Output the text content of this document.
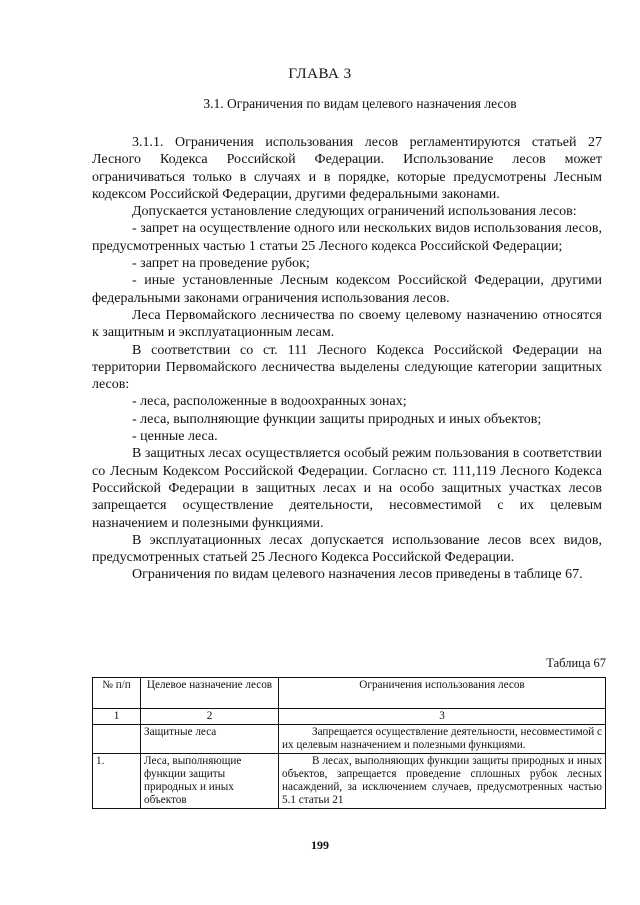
ГЛАВА 3
3.1. Ограничения по видам целевого назначения лесов

3.1.1. Ограничения использования лесов регламентируются статьей 27 Лесного Кодекса Российской Федерации. Использование лесов может ограничиваться только в случаях и в порядке, которые предусмотрены Лесным кодексом Российской Федерации, другими федеральными законами.

Допускается установление следующих ограничений использования лесов:

- запрет на осуществление одного или нескольких видов использования лесов, предусмотренных частью 1 статьи 25 Лесного кодекса Российской Федерации;

- запрет на проведение рубок;

- иные установленные Лесным кодексом Российской Федерации, другими федеральными законами ограничения использования лесов.

Леса Первомайского лесничества по своему целевому назначению относятся к защитным и эксплуатационным лесам.

В соответствии со ст. 111 Лесного Кодекса Российской Федерации на территории Первомайского лесничества выделены следующие категории защитных лесов:

- леса, расположенные в водоохранных зонах;

- леса, выполняющие функции защиты природных и иных объектов;

- ценные леса.

В защитных лесах осуществляется особый режим пользования в соответствии со Лесным Кодексом Российской Федерации. Согласно ст. 111,119 Лесного Кодекса Российской Федерации в защитных лесах и на особо защитных участках лесов запрещается осуществление деятельности, несовместимой с их целевым назначением и полезными функциями.

В эксплуатационных лесах допускается использование лесов всех видов, предусмотренных статьей 25 Лесного Кодекса Российской Федерации.

Ограничения по видам целевого назначения лесов приведены в таблице 67.

Таблица 67
№ п/п	Целевое назначение лесов	Ограничения использования лесов
1	2	3
	Защитные леса	Запрещается осуществление деятельности, несовместимой с их целевым назначением и полезными функциями.
1.	Леса, выполняющие функции защиты природных и иных объектов	В лесах, выполняющих функции защиты природных и иных объектов, запрещается проведение сплошных рубок лесных насаждений, за исключением случаев, предусмотренных частью 5.1 статьи 21
199
